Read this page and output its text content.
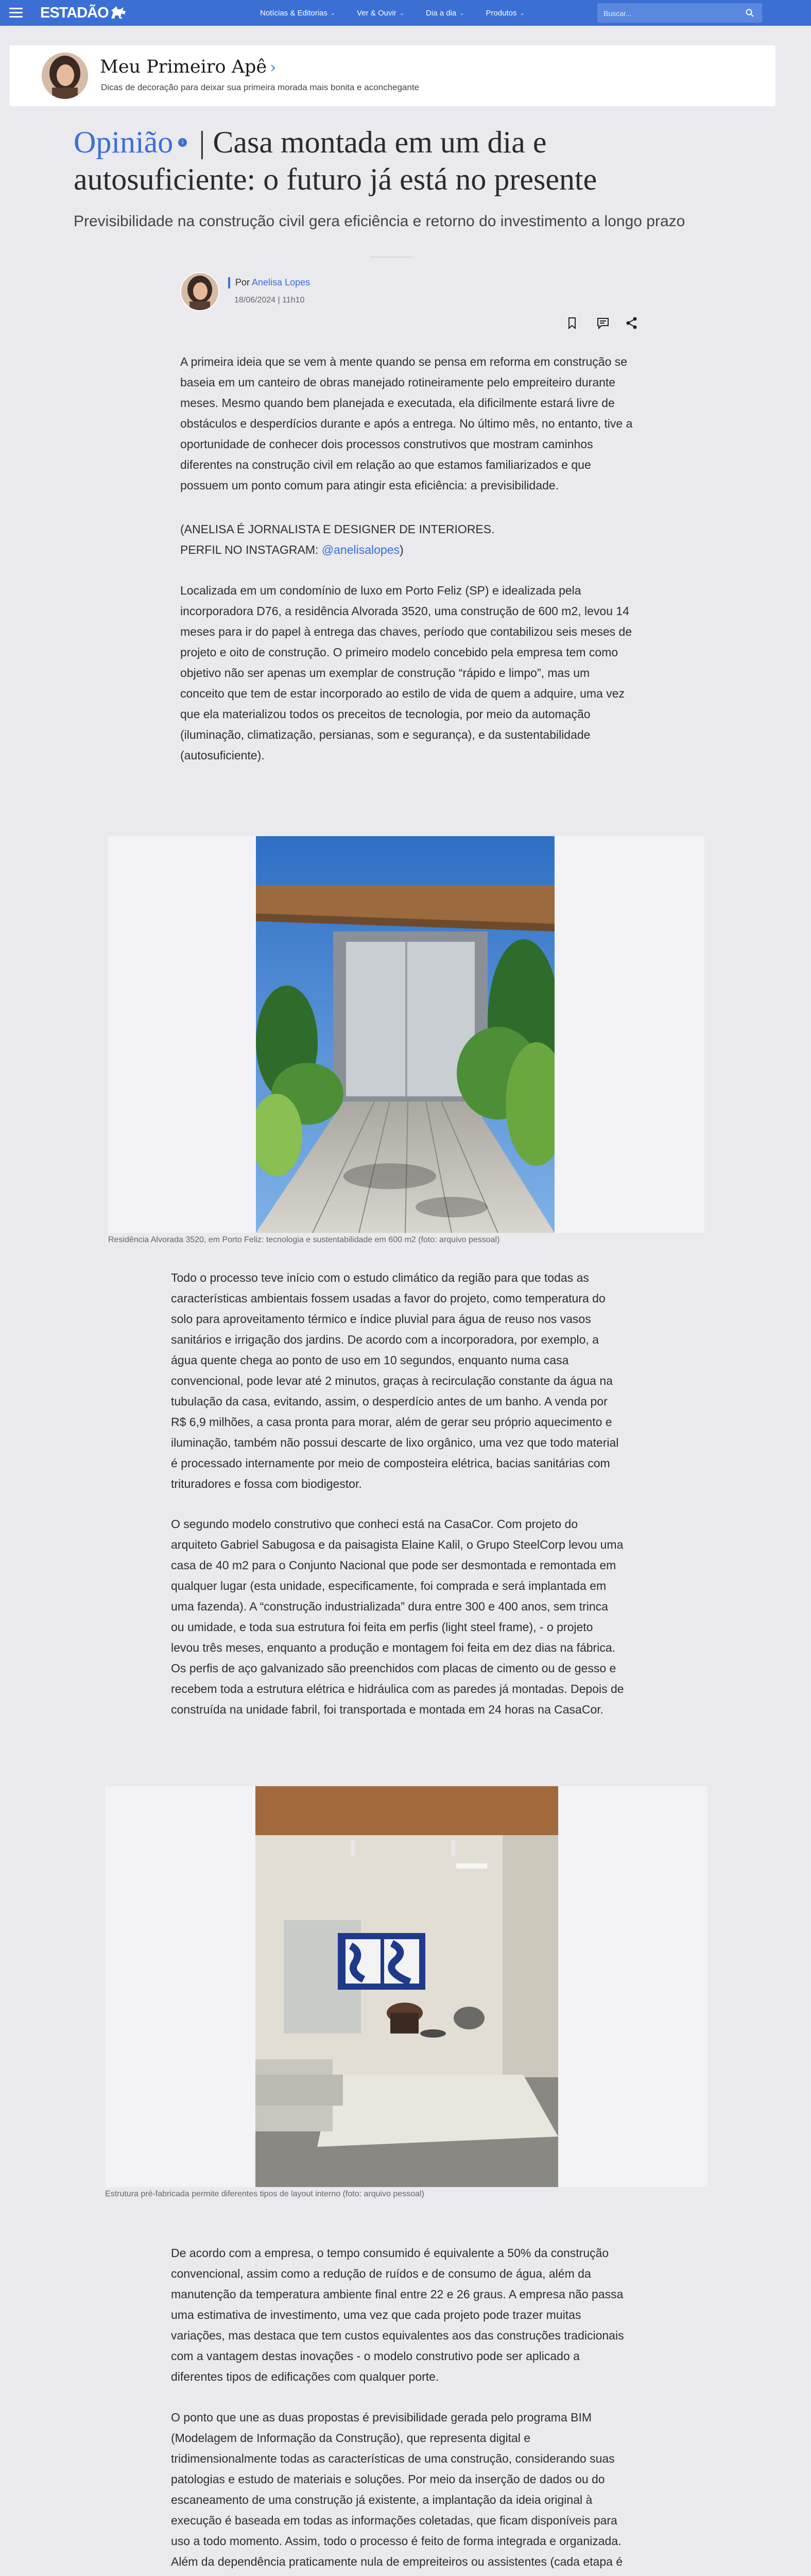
ESTADÃO	Notícias & Editorias ⌄	Ver & Ouvir ⌄	Dia a dia ⌄	Produtos ⌄
Buscar...
Meu Primeiro Apê ›
Dicas de decoração para deixar sua primeira morada mais bonita e aconchegante
Opinião i | Casa montada em um dia e autosuficiente: o futuro já está no presente
Previsibilidade na construção civil gera eficiência e retorno do investimento a longo prazo
Por Anelisa Lopes
18/06/2024 | 11h10

A primeira ideia que se vem à mente quando se pensa em reforma em construção se baseia em um canteiro de obras manejado rotineiramente pelo empreiteiro durante meses. Mesmo quando bem planejada e executada, ela dificilmente estará livre de obstáculos e desperdícios durante e após a entrega. No último mês, no entanto, tive a oportunidade de conhecer dois processos construtivos que mostram caminhos diferentes na construção civil em relação ao que estamos familiarizados e que possuem um ponto comum para atingir esta eficiência: a previsibilidade.

(ANELISA É JORNALISTA E DESIGNER DE INTERIORES.
PERFIL NO INSTAGRAM: @anelisalopes)

Localizada em um condomínio de luxo em Porto Feliz (SP) e idealizada pela incorporadora D76, a residência Alvorada 3520, uma construção de 600 m2, levou 14 meses para ir do papel à entrega das chaves, período que contabilizou seis meses de projeto e oito de construção. O primeiro modelo concebido pela empresa tem como objetivo não ser apenas um exemplar de construção “rápido e limpo”, mas um conceito que tem de estar incorporado ao estilo de vida de quem a adquire, uma vez que ela materializou todos os preceitos de tecnologia, por meio da automação (iluminação, climatização, persianas, som e segurança), e da sustentabilidade (autosuficiente).

Residência Alvorada 3520, em Porto Feliz: tecnologia e sustentabilidade em 600 m2 (foto: arquivo pessoal)

Todo o processo teve início com o estudo climático da região para que todas as características ambientais fossem usadas a favor do projeto, como temperatura do solo para aproveitamento térmico e índice pluvial para água de reuso nos vasos sanitários e irrigação dos jardins. De acordo com a incorporadora, por exemplo, a água quente chega ao ponto de uso em 10 segundos, enquanto numa casa convencional, pode levar até 2 minutos, graças à recirculação constante da água na tubulação da casa, evitando, assim, o desperdício antes de um banho. A venda por R$ 6,9 milhões, a casa pronta para morar, além de gerar seu próprio aquecimento e iluminação, também não possui descarte de lixo orgânico, uma vez que todo material é processado internamente por meio de composteira elétrica, bacias sanitárias com trituradores e fossa com biodigestor.

O segundo modelo construtivo que conheci está na CasaCor. Com projeto do arquiteto Gabriel Sabugosa e da paisagista Elaine Kalil, o Grupo SteelCorp levou uma casa de 40 m2 para o Conjunto Nacional que pode ser desmontada e remontada em qualquer lugar (esta unidade, especificamente, foi comprada e será implantada em uma fazenda). A “construção industrializada” dura entre 300 e 400 anos, sem trinca ou umidade, e toda sua estrutura foi feita em perfis (light steel frame), - o projeto levou três meses, enquanto a produção e montagem foi feita em dez dias na fábrica. Os perfis de aço galvanizado são preenchidos com placas de cimento ou de gesso e recebem toda a estrutura elétrica e hidráulica com as paredes já montadas. Depois de construída na unidade fabril, foi transportada e montada em 24 horas na CasaCor.

Estrutura pré-fabricada permite diferentes tipos de layout interno (foto: arquivo pessoal)

De acordo com a empresa, o tempo consumido é equivalente a 50% da construção convencional, assim como a redução de ruídos e de consumo de água, além da manutenção da temperatura ambiente final entre 22 e 26 graus. A empresa não passa uma estimativa de investimento, uma vez que cada projeto pode trazer muitas variações, mas destaca que tem custos equivalentes aos das construções tradicionais com a vantagem destas inovações - o modelo construtivo pode ser aplicado a diferentes tipos de edificações com qualquer porte.

O ponto que une as duas propostas é previsibilidade gerada pelo programa BIM (Modelagem de Informação da Construção), que representa digital e tridimensionalmente todas as características de uma construção, considerando suas patologias e estudo de materiais e soluções. Por meio da inserção de dados ou do escaneamento de uma construção já existente, a implantação da ideia original à execução é baseada em todas as informações coletadas, que ficam disponíveis para uso a todo momento. Assim, todo o processo é feito de forma integrada e organizada. Além da dependência praticamente nula de empreiteiros ou assistentes (cada etapa é
